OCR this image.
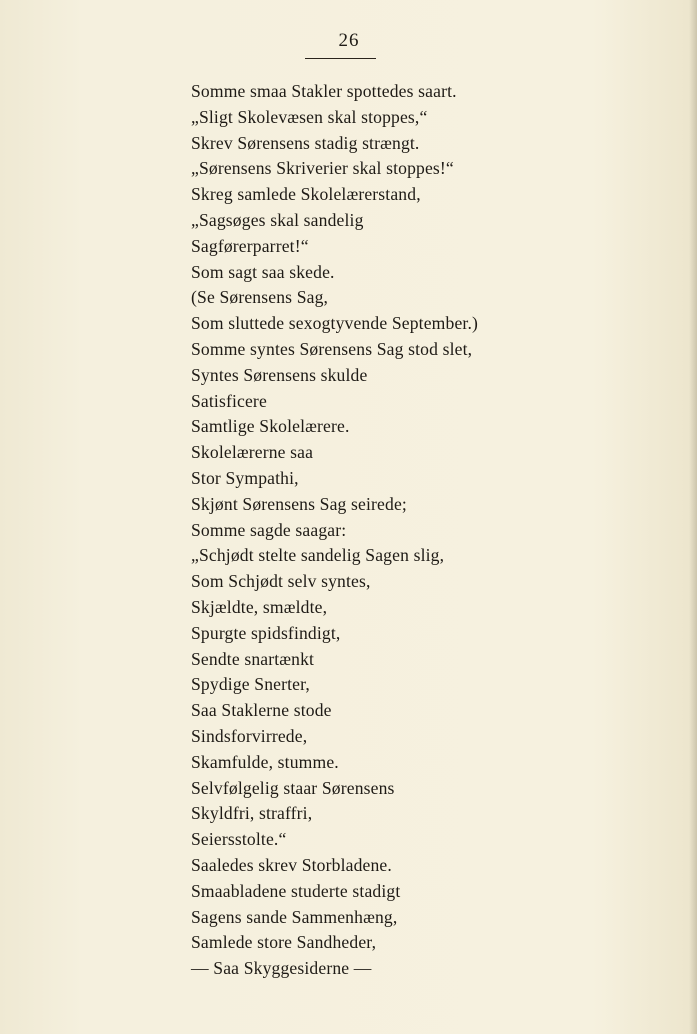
26
Somme smaa Stakler spottedes saart.
„Sligt Skolevæsen skal stoppes,“
Skrev Sørensens stadig strængt.
„Sørensens Skriverier skal stoppes!“
Skreg samlede Skolelærerstand,
„Sagsøges skal sandelig
Sagførerparret!“
Som sagt saa skede.
(Se Sørensens Sag,
Som sluttede sexogtyvende September.)
Somme syntes Sørensens Sag stod slet,
Syntes Sørensens skulde
Satisficere
Samtlige Skolelærere.
Skolelærerne saa
Stor Sympathi,
Skjønt Sørensens Sag seirede;
Somme sagde saagar:
„Schjødt stelte sandelig Sagen slig,
Som Schjødt selv syntes,
Skjældte, smældte,
Spurgte spidsfindigt,
Sendte snartænkt
Spydige Snerter,
Saa Staklerne stode
Sindsforvirrede,
Skamfulde, stumme.
Selvfølgelig staar Sørensens
Skyldfri, straffri,
Seiersstolte.“
Saaledes skrev Storbladene.
Smaabladene studerte stadigt
Sagens sande Sammenhæng,
Samlede store Sandheder,
— Saa Skyggesiderne —
